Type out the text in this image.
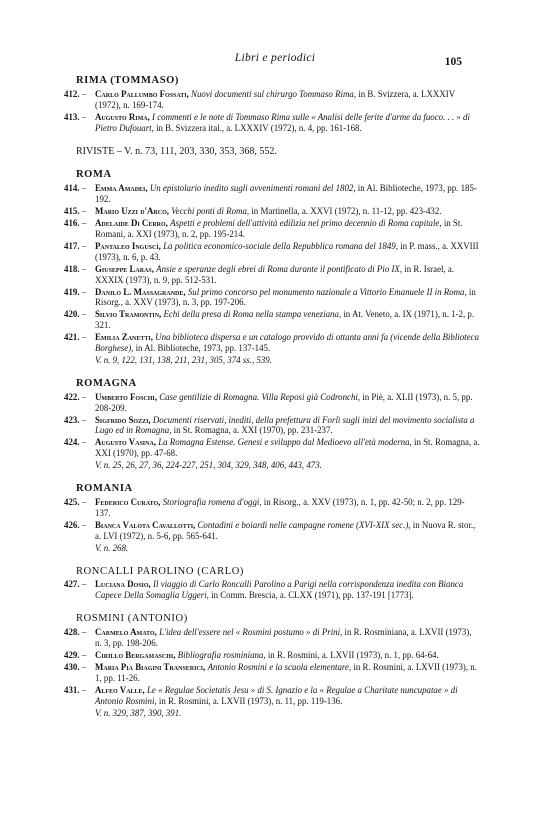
Libri e periodici	105
RIMA (TOMMASO)
412. – Carlo Pallumbo Fossati, Nuovi documenti sul chirurgo Tommaso Rima, in B. Svizzera, a. LXXXIV (1972), n. 169-174.
413. – Augusto Rima, I commenti e le note di Tommaso Rima sulle « Analisi delle ferite d'arme da fuoco. . . » di Pietro Dufouart, in B. Svizzera ital., a. LXXXIV (1972), n. 4, pp. 161-168.
RIVISTE – V. n. 73, 111, 203, 330, 353, 368, 552.
ROMA
414. – Emma Amadei, Un epistolario inedito sugli avvenimenti romani del 1802, in Al. Biblioteche, 1973, pp. 185-192.
415. – Mario Uzzi d'Arco, Vecchi ponti di Roma, in Martinella, a. XXVI (1972), n. 11-12, pp. 423-432.
416. – Adelaide Di Cerro, Aspetti e problemi dell'attività edilizia nel primo decennio di Roma capitale, in St. Romani, a. XXI (1973), n. 2, pp. 195-214.
417. – Pantaleo Inguscì, La politica economico-sociale della Repubblica romana del 1849, in P. mass., a. XXVIII (1973), n. 6, p. 43.
418. – Giuseppe Laras, Ansie e speranze degli ebrei di Roma durante il pontificato di Pio IX, in R. Israel, a. XXXIX (1973), n. 9, pp. 512-531.
419. – Danilo L. Massagrande, Sul primo concorso pel monumento nazionale a Vittorio Emanuele II in Roma, in Risorg., a. XXV (1973), n. 3, pp. 197-206.
420. – Silvio Tramontin, Echi della presa di Roma nella stampa veneziana, in At. Veneto, a. IX (1971), n. 1-2, p. 321.
421. – Emilia Zanetti, Una biblioteca dispersa e un catalogo provvido di ottanta anni fa (vicende della Biblioteca Borghese), in Al. Biblioteche, 1973, pp. 137-145.
V. n. 9, 122, 131, 138, 211, 231, 305, 374 ss., 539.
ROMAGNA
422. – Umberto Foschi, Case gentilizie di Romagna. Villa Reposi già Codronchi, in Piè, a. XLII (1973), n. 5, pp. 208-209.
423. – Sigfrido Sozzi, Documenti riservati, inediti, della prefettura di Forlì sugli inizi del movimento socialista a Lugo ed in Romagna, in St. Romagna, a. XXI (1970), pp. 231-237.
424. – Augusto Vasina, La Romagna Estense. Genesi e sviluppo dal Medioevo all'età moderna, in St. Romagna, a. XXI (1970), pp. 47-68.
V. n. 25, 26, 27, 36, 224-227, 251, 304, 329, 348, 406, 443, 473.
ROMANIA
425. – Federico Curato, Storiografia romena d'oggi, in Risorg., a. XXV (1973), n. 1, pp. 42-50; n. 2, pp. 129-137.
426. – Bianca Valota Cavallotti, Contadini e boiardi nelle campagne romene (XVI-XIX sec.), in Nuova R. stor., a. LVI (1972), n. 5-6, pp. 565-641.
V. n. 268.
RONCALLI PAROLINO (CARLO)
427. – Luciana Dosio, Il viaggio di Carlo Roncalli Parolino a Parigi nella corrispondenza inedita con Bianca Capece Della Somaglia Uggeri, in Comm. Brescia, a. CLXX (1971), pp. 137-191 [1773].
ROSMINI (ANTONIO)
428. – Carmelo Amato, L'idea dell'essere nel « Rosmini postumo » di Prini, in R. Rosminiana, a. LXVII (1973), n. 3, pp. 198-206.
429. – Cirillo Bergamaschi, Bibliografia rosminiana, in R. Rosmini, a. LXVII (1973), n. 1, pp. 64-64.
430. – Maria Pia Biagini Transerici, Antonio Rosmini e la scuola elementare, in R. Rosmini, a. LXVII (1973), n. 1, pp. 11-26.
431. – Alfeo Valle, Le « Regulae Societatis Jesu » di S. Ignazio e la « Regulae a Charitate nuncupatae » di Antonio Rosmini, in R. Rosmini, a. LXVII (1973), n. 11, pp. 119-136.
V. n. 329, 387, 390, 391.
